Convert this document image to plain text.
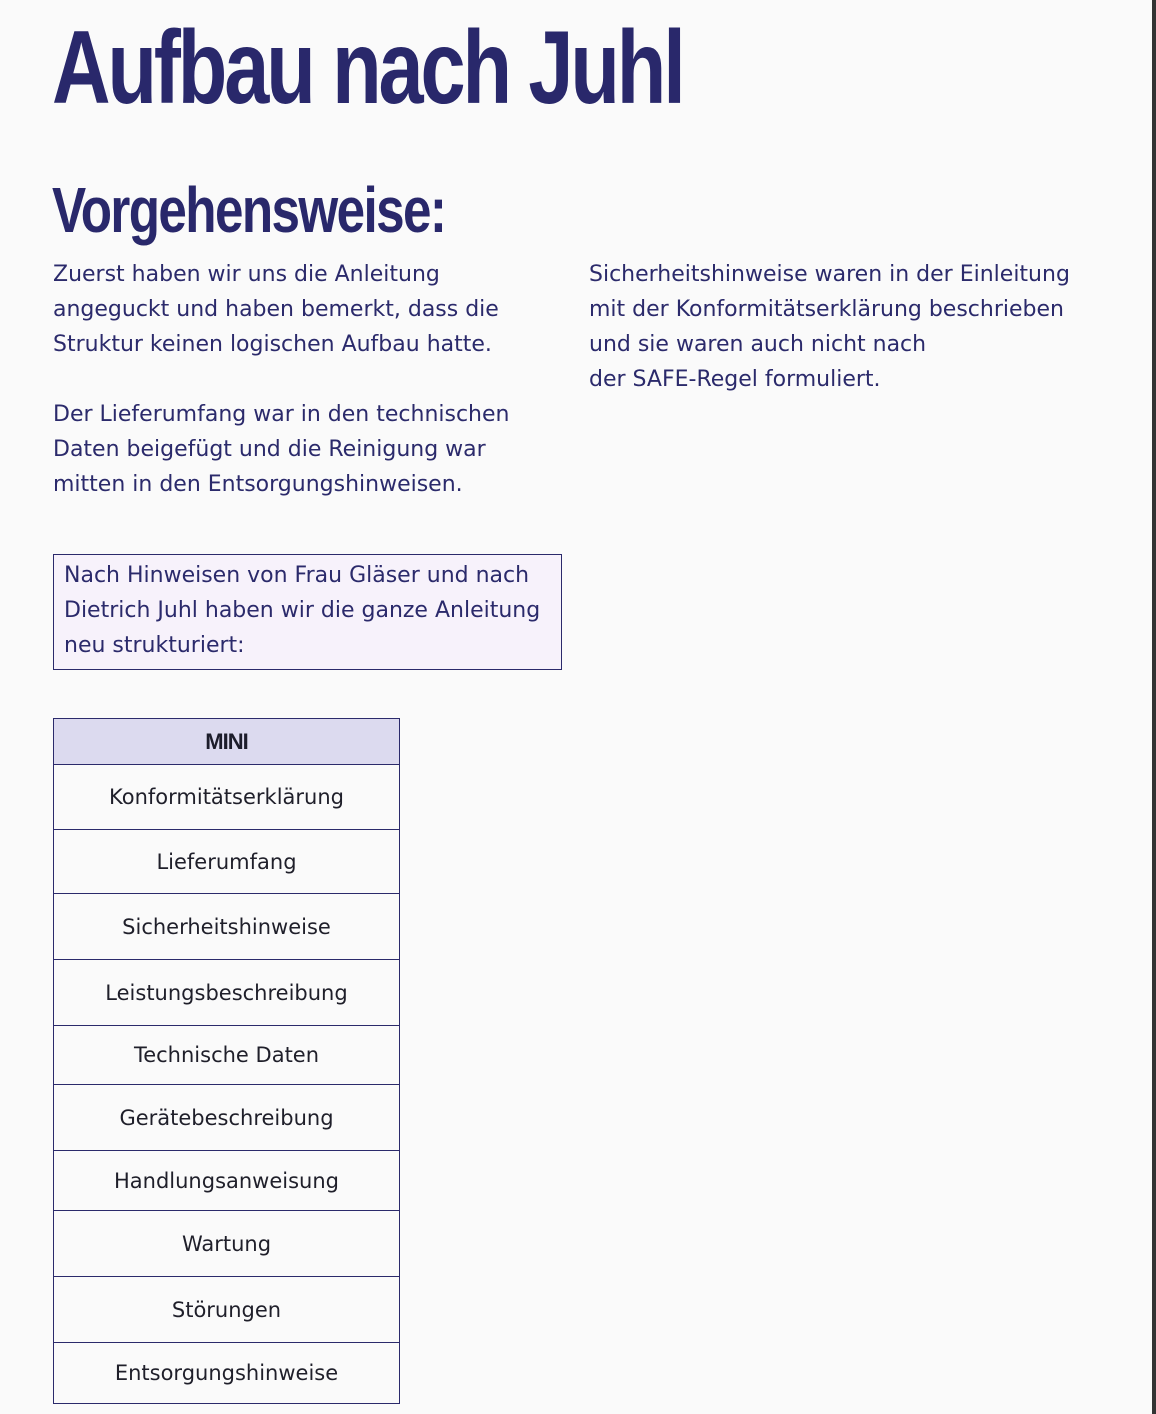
Aufbau nach Juhl
Vorgehensweise:

Zuerst haben wir uns die Anleitung
angeguckt und haben bemerkt, dass die
Struktur keinen logischen Aufbau hatte.

Der Lieferumfang war in den technischen
Daten beigefügt und die Reinigung war
mitten in den Entsorgungshinweisen.

Sicherheitshinweise waren in der Einleitung
mit der Konformitätserklärung beschrieben
und sie waren auch nicht nach
der SAFE-Regel formuliert.

Nach Hinweisen von Frau Gläser und nach
Dietrich Juhl haben wir die ganze Anleitung
neu strukturiert:
MINI
Konformitätserklärung
Lieferumfang
Sicherheitshinweise
Leistungsbeschreibung
Technische Daten
Gerätebeschreibung
Handlungsanweisung
Wartung
Störungen
Entsorgungshinweise
